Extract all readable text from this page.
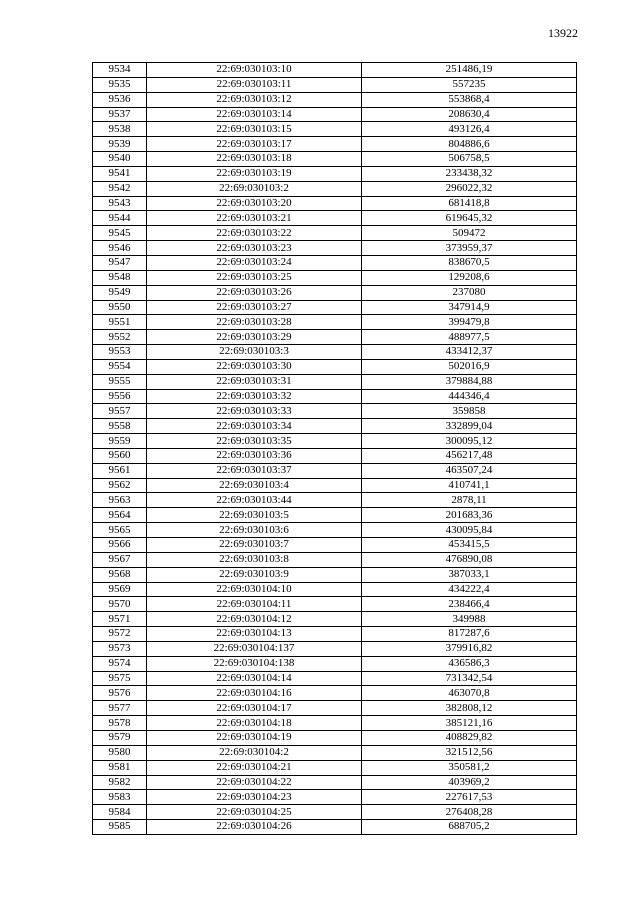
13922
9534	22:69:030103:10	251486,19
9535	22:69:030103:11	557235
9536	22:69:030103:12	553868,4
9537	22:69:030103:14	208630,4
9538	22:69:030103:15	493126,4
9539	22:69:030103:17	804886,6
9540	22:69:030103:18	506758,5
9541	22:69:030103:19	233438,32
9542	22:69:030103:2	296022,32
9543	22:69:030103:20	681418,8
9544	22:69:030103:21	619645,32
9545	22:69:030103:22	509472
9546	22:69:030103:23	373959,37
9547	22:69:030103:24	838670,5
9548	22:69:030103:25	129208,6
9549	22:69:030103:26	237080
9550	22:69:030103:27	347914,9
9551	22:69:030103:28	399479,8
9552	22:69:030103:29	488977,5
9553	22:69:030103:3	433412,37
9554	22:69:030103:30	502016,9
9555	22:69:030103:31	379884,88
9556	22:69:030103:32	444346,4
9557	22:69:030103:33	359858
9558	22:69:030103:34	332899,04
9559	22:69:030103:35	300095,12
9560	22:69:030103:36	456217,48
9561	22:69:030103:37	463507,24
9562	22:69:030103:4	410741,1
9563	22:69:030103:44	2878,11
9564	22:69:030103:5	201683,36
9565	22:69:030103:6	430095,84
9566	22:69:030103:7	453415,5
9567	22:69:030103:8	476890,08
9568	22:69:030103:9	387033,1
9569	22:69:030104:10	434222,4
9570	22:69:030104:11	238466,4
9571	22:69:030104:12	349988
9572	22:69:030104:13	817287,6
9573	22:69:030104:137	379916,82
9574	22:69:030104:138	436586,3
9575	22:69:030104:14	731342,54
9576	22:69:030104:16	463070,8
9577	22:69:030104:17	382808,12
9578	22:69:030104:18	385121,16
9579	22:69:030104:19	408829,82
9580	22:69:030104:2	321512,56
9581	22:69:030104:21	350581,2
9582	22:69:030104:22	403969,2
9583	22:69:030104:23	227617,53
9584	22:69:030104:25	276408,28
9585	22:69:030104:26	688705,2
